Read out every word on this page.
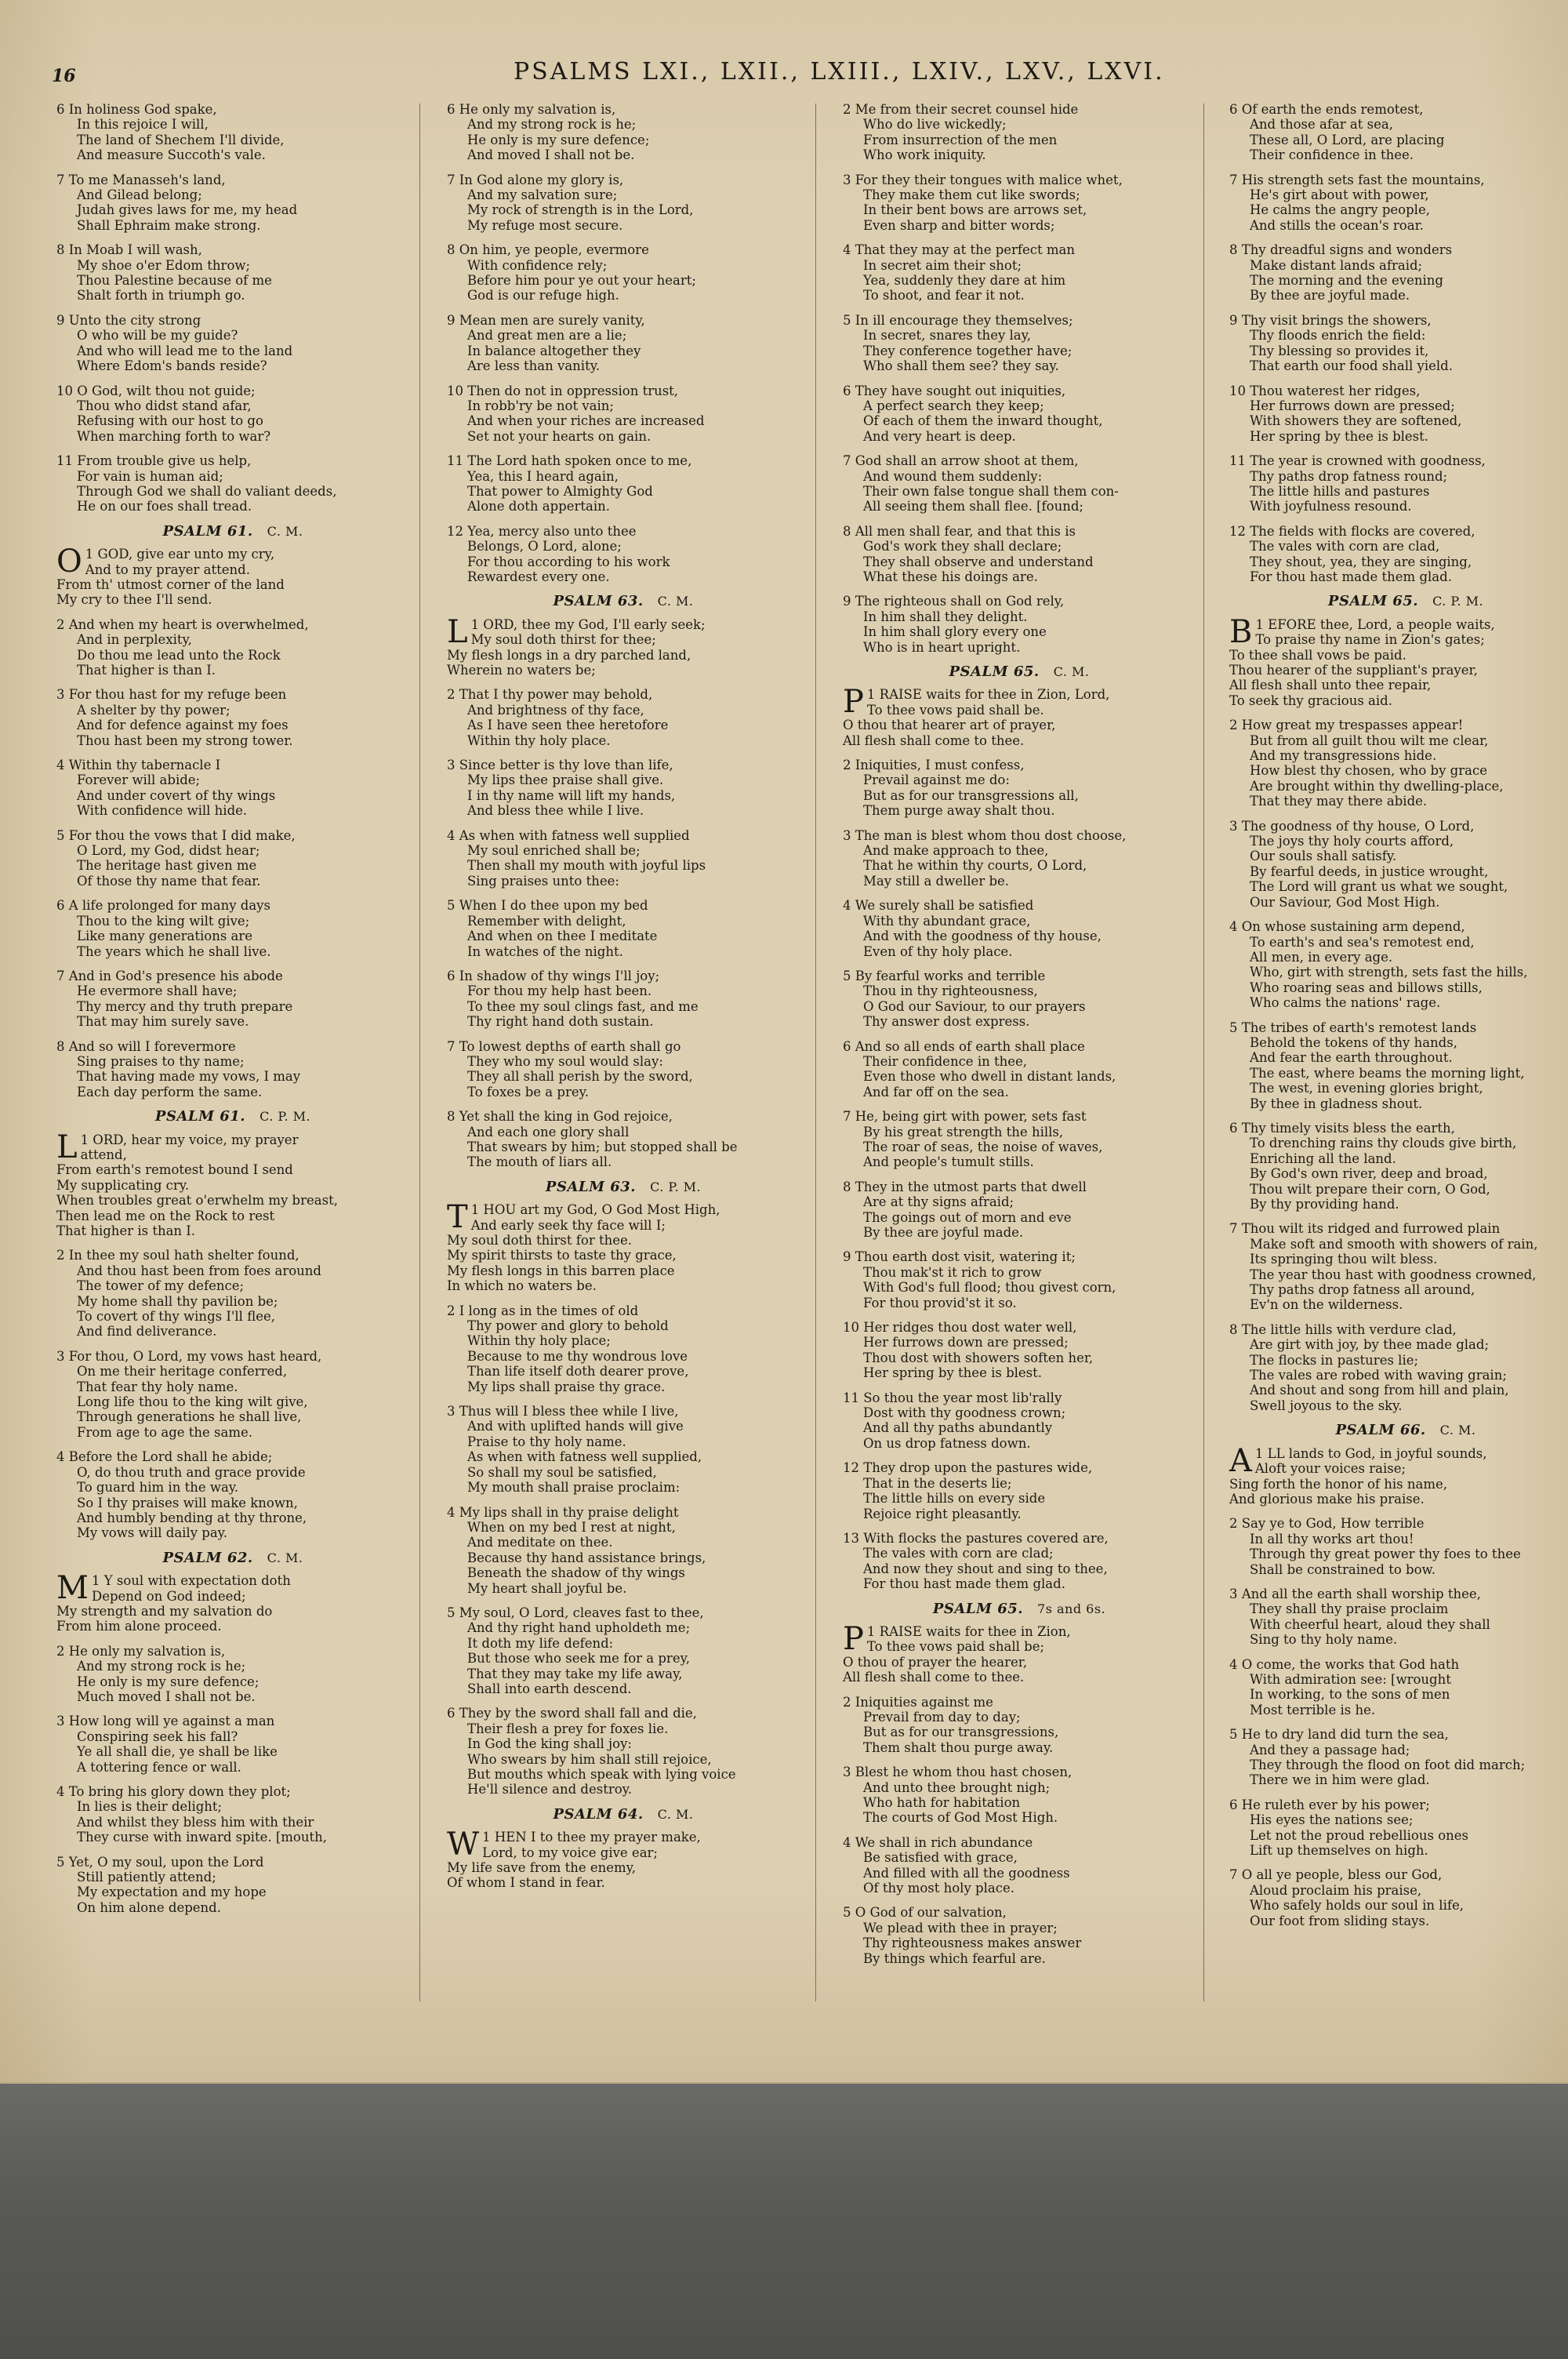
16	PSALMS LXI., LXII., LXIII., LXIV., LXV., LXVI.
6 In holiness God spake,
In this rejoice I will,
The land of Shechem I'll divide,
And measure Succoth's vale.
7 To me Manasseh's land,
And Gilead belong;
Judah gives laws for me, my head
Shall Ephraim make strong.
8 In Moab I will wash,
My shoe o'er Edom throw;
Thou Palestine because of me
Shalt forth in triumph go.
9 Unto the city strong
O who will be my guide?
And who will lead me to the land
Where Edom's bands reside?
10 O God, wilt thou not guide;
Thou who didst stand afar,
Refusing with our host to go
When marching forth to war?
11 From trouble give us help,
For vain is human aid;
Through God we shall do valiant deeds,
He on our foes shall tread.
PSALM 61. C. M.
O 1 GOD, give ear unto my cry,
And to my prayer attend.
From th' utmost corner of the land
My cry to thee I'll send.
2 And when my heart is overwhelmed,
And in perplexity,
Do thou me lead unto the Rock
That higher is than I.
3 For thou hast for my refuge been
A shelter by thy power;
And for defence against my foes
Thou hast been my strong tower.
4 Within thy tabernacle I
Forever will abide;
And under covert of thy wings
With confidence will hide.
5 For thou the vows that I did make,
O Lord, my God, didst hear;
The heritage hast given me
Of those thy name that fear.
6 A life prolonged for many days
Thou to the king wilt give;
Like many generations are
The years which he shall live.
7 And in God's presence his abode
He evermore shall have;
Thy mercy and thy truth prepare
That may him surely save.
8 And so will I forevermore
Sing praises to thy name;
That having made my vows, I may
Each day perform the same.
PSALM 61. C. P. M.
L 1 ORD, hear my voice, my prayer
attend,
From earth's remotest bound I send
My supplicating cry.
When troubles great o'erwhelm my breast,
Then lead me on the Rock to rest
That higher is than I.
2 In thee my soul hath shelter found,
And thou hast been from foes around
The tower of my defence;
My home shall thy pavilion be;
To covert of thy wings I'll flee,
And find deliverance.
3 For thou, O Lord, my vows hast heard,
On me their heritage conferred,
That fear thy holy name.
Long life thou to the king wilt give,
Through generations he shall live,
From age to age the same.
4 Before the Lord shall he abide;
O, do thou truth and grace provide
To guard him in the way.
So I thy praises will make known,
And humbly bending at thy throne,
My vows will daily pay.
PSALM 62. C. M.
M 1 Y soul with expectation doth
Depend on God indeed;
My strength and my salvation do
From him alone proceed.
2 He only my salvation is,
And my strong rock is he;
He only is my sure defence;
Much moved I shall not be.
3 How long will ye against a man
Conspiring seek his fall?
Ye all shall die, ye shall be like
A tottering fence or wall.
4 To bring his glory down they plot;
In lies is their delight;
And whilst they bless him with their
They curse with inward spite. [mouth,
5 Yet, O my soul, upon the Lord
Still patiently attend;
My expectation and my hope
On him alone depend.
6 He only my salvation is,
And my strong rock is he;
He only is my sure defence;
And moved I shall not be.
7 In God alone my glory is,
And my salvation sure;
My rock of strength is in the Lord,
My refuge most secure.
8 On him, ye people, evermore
With confidence rely;
Before him pour ye out your heart;
God is our refuge high.
9 Mean men are surely vanity,
And great men are a lie;
In balance altogether they
Are less than vanity.
10 Then do not in oppression trust,
In robb'ry be not vain;
And when your riches are increased
Set not your hearts on gain.
11 The Lord hath spoken once to me,
Yea, this I heard again,
That power to Almighty God
Alone doth appertain.
12 Yea, mercy also unto thee
Belongs, O Lord, alone;
For thou according to his work
Rewardest every one.
PSALM 63. C. M.
L 1 ORD, thee my God, I'll early seek;
My soul doth thirst for thee;
My flesh longs in a dry parched land,
Wherein no waters be;
2 That I thy power may behold,
And brightness of thy face,
As I have seen thee heretofore
Within thy holy place.
3 Since better is thy love than life,
My lips thee praise shall give.
I in thy name will lift my hands,
And bless thee while I live.
4 As when with fatness well supplied
My soul enriched shall be;
Then shall my mouth with joyful lips
Sing praises unto thee:
5 When I do thee upon my bed
Remember with delight,
And when on thee I meditate
In watches of the night.
6 In shadow of thy wings I'll joy;
For thou my help hast been.
To thee my soul clings fast, and me
Thy right hand doth sustain.
7 To lowest depths of earth shall go
They who my soul would slay:
They all shall perish by the sword,
To foxes be a prey.
8 Yet shall the king in God rejoice,
And each one glory shall
That swears by him; but stopped shall be
The mouth of liars all.
PSALM 63. C. P. M.
T 1 HOU art my God, O God Most High,
And early seek thy face will I;
My soul doth thirst for thee.
My spirit thirsts to taste thy grace,
My flesh longs in this barren place
In which no waters be.
2 I long as in the times of old
Thy power and glory to behold
Within thy holy place;
Because to me thy wondrous love
Than life itself doth dearer prove,
My lips shall praise thy grace.
3 Thus will I bless thee while I live,
And with uplifted hands will give
Praise to thy holy name.
As when with fatness well supplied,
So shall my soul be satisfied,
My mouth shall praise proclaim:
4 My lips shall in thy praise delight
When on my bed I rest at night,
And meditate on thee.
Because thy hand assistance brings,
Beneath the shadow of thy wings
My heart shall joyful be.
5 My soul, O Lord, cleaves fast to thee,
And thy right hand upholdeth me;
It doth my life defend:
But those who seek me for a prey,
That they may take my life away,
Shall into earth descend.
6 They by the sword shall fall and die,
Their flesh a prey for foxes lie.
In God the king shall joy:
Who swears by him shall still rejoice,
But mouths which speak with lying voice
He'll silence and destroy.
PSALM 64. C. M.
W 1 HEN I to thee my prayer make,
Lord, to my voice give ear;
My life save from the enemy,
Of whom I stand in fear.
2 Me from their secret counsel hide
Who do live wickedly;
From insurrection of the men
Who work iniquity.
3 For they their tongues with malice whet,
They make them cut like swords;
In their bent bows are arrows set,
Even sharp and bitter words;
4 That they may at the perfect man
In secret aim their shot;
Yea, suddenly they dare at him
To shoot, and fear it not.
5 In ill encourage they themselves;
In secret, snares they lay,
They conference together have;
Who shall them see? they say.
6 They have sought out iniquities,
A perfect search they keep;
Of each of them the inward thought,
And very heart is deep.
7 God shall an arrow shoot at them,
And wound them suddenly:
Their own false tongue shall them con-
All seeing them shall flee. [found;
8 All men shall fear, and that this is
God's work they shall declare;
They shall observe and understand
What these his doings are.
9 The righteous shall on God rely,
In him shall they delight.
In him shall glory every one
Who is in heart upright.
PSALM 65. C. M.
P 1 RAISE waits for thee in Zion, Lord,
To thee vows paid shall be.
O thou that hearer art of prayer,
All flesh shall come to thee.
2 Iniquities, I must confess,
Prevail against me do:
But as for our transgressions all,
Them purge away shalt thou.
3 The man is blest whom thou dost choose,
And make approach to thee,
That he within thy courts, O Lord,
May still a dweller be.
4 We surely shall be satisfied
With thy abundant grace,
And with the goodness of thy house,
Even of thy holy place.
5 By fearful works and terrible
Thou in thy righteousness,
O God our Saviour, to our prayers
Thy answer dost express.
6 And so all ends of earth shall place
Their confidence in thee,
Even those who dwell in distant lands,
And far off on the sea.
7 He, being girt with power, sets fast
By his great strength the hills,
The roar of seas, the noise of waves,
And people's tumult stills.
8 They in the utmost parts that dwell
Are at thy signs afraid;
The goings out of morn and eve
By thee are joyful made.
9 Thou earth dost visit, watering it;
Thou mak'st it rich to grow
With God's full flood; thou givest corn,
For thou provid'st it so.
10 Her ridges thou dost water well,
Her furrows down are pressed;
Thou dost with showers soften her,
Her spring by thee is blest.
11 So thou the year most lib'rally
Dost with thy goodness crown;
And all thy paths abundantly
On us drop fatness down.
12 They drop upon the pastures wide,
That in the deserts lie;
The little hills on every side
Rejoice right pleasantly.
13 With flocks the pastures covered are,
The vales with corn are clad;
And now they shout and sing to thee,
For thou hast made them glad.
PSALM 65. 7s and 6s.
P 1 RAISE waits for thee in Zion,
To thee vows paid shall be;
O thou of prayer the hearer,
All flesh shall come to thee.
2 Iniquities against me
Prevail from day to day;
But as for our transgressions,
Them shalt thou purge away.
3 Blest he whom thou hast chosen,
And unto thee brought nigh;
Who hath for habitation
The courts of God Most High.
4 We shall in rich abundance
Be satisfied with grace,
And filled with all the goodness
Of thy most holy place.
5 O God of our salvation,
We plead with thee in prayer;
Thy righteousness makes answer
By things which fearful are.
6 Of earth the ends remotest,
And those afar at sea,
These all, O Lord, are placing
Their confidence in thee.
7 His strength sets fast the mountains,
He's girt about with power,
He calms the angry people,
And stills the ocean's roar.
8 Thy dreadful signs and wonders
Make distant lands afraid;
The morning and the evening
By thee are joyful made.
9 Thy visit brings the showers,
Thy floods enrich the field:
Thy blessing so provides it,
That earth our food shall yield.
10 Thou waterest her ridges,
Her furrows down are pressed;
With showers they are softened,
Her spring by thee is blest.
11 The year is crowned with goodness,
Thy paths drop fatness round;
The little hills and pastures
With joyfulness resound.
12 The fields with flocks are covered,
The vales with corn are clad,
They shout, yea, they are singing,
For thou hast made them glad.
PSALM 65. C. P. M.
B 1 EFORE thee, Lord, a people waits,
To praise thy name in Zion's gates;
To thee shall vows be paid.
Thou hearer of the suppliant's prayer,
All flesh shall unto thee repair,
To seek thy gracious aid.
2 How great my trespasses appear!
But from all guilt thou wilt me clear,
And my transgressions hide.
How blest thy chosen, who by grace
Are brought within thy dwelling-place,
That they may there abide.
3 The goodness of thy house, O Lord,
The joys thy holy courts afford,
Our souls shall satisfy.
By fearful deeds, in justice wrought,
The Lord will grant us what we sought,
Our Saviour, God Most High.
4 On whose sustaining arm depend,
To earth's and sea's remotest end,
All men, in every age.
Who, girt with strength, sets fast the hills,
Who roaring seas and billows stills,
Who calms the nations' rage.
5 The tribes of earth's remotest lands
Behold the tokens of thy hands,
And fear the earth throughout.
The east, where beams the morning light,
The west, in evening glories bright,
By thee in gladness shout.
6 Thy timely visits bless the earth,
To drenching rains thy clouds give birth,
Enriching all the land.
By God's own river, deep and broad,
Thou wilt prepare their corn, O God,
By thy providing hand.
7 Thou wilt its ridged and furrowed plain
Make soft and smooth with showers of rain,
Its springing thou wilt bless.
The year thou hast with goodness crowned,
Thy paths drop fatness all around,
Ev'n on the wilderness.
8 The little hills with verdure clad,
Are girt with joy, by thee made glad;
The flocks in pastures lie;
The vales are robed with waving grain;
And shout and song from hill and plain,
Swell joyous to the sky.
PSALM 66. C. M.
A 1 LL lands to God, in joyful sounds,
Aloft your voices raise;
Sing forth the honor of his name,
And glorious make his praise.
2 Say ye to God, How terrible
In all thy works art thou!
Through thy great power thy foes to thee
Shall be constrained to bow.
3 And all the earth shall worship thee,
They shall thy praise proclaim
With cheerful heart, aloud they shall
Sing to thy holy name.
4 O come, the works that God hath
With admiration see: [wrought
In working, to the sons of men
Most terrible is he.
5 He to dry land did turn the sea,
And they a passage had;
They through the flood on foot did march;
There we in him were glad.
6 He ruleth ever by his power;
His eyes the nations see;
Let not the proud rebellious ones
Lift up themselves on high.
7 O all ye people, bless our God,
Aloud proclaim his praise,
Who safely holds our soul in life,
Our foot from sliding stays.
